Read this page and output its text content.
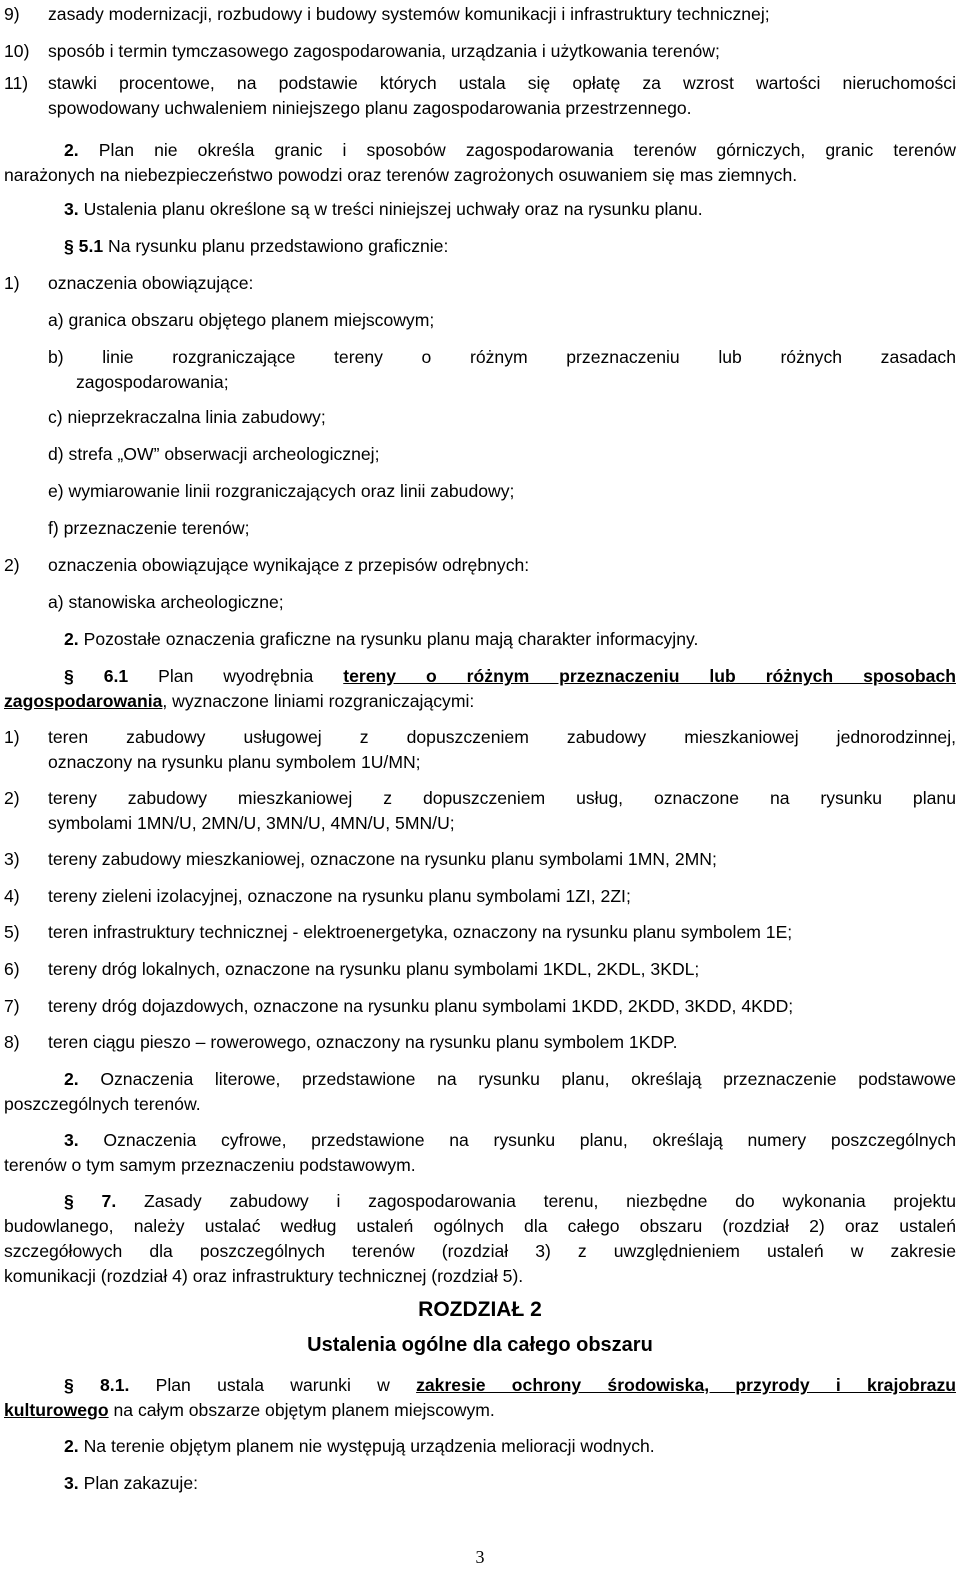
9)	zasady modernizacji, rozbudowy i budowy systemów komunikacji i infrastruktury technicznej;
10)	sposób i termin tymczasowego zagospodarowania, urządzania i użytkowania terenów;
11)	stawki procentowe, na podstawie których ustala się opłatę za wzrost wartości nieruchomości
spowodowany uchwaleniem niniejszego planu zagospodarowania przestrzennego.
2. Plan nie określa granic i sposobów zagospodarowania terenów górniczych, granic terenów
narażonych na niebezpieczeństwo powodzi oraz terenów zagrożonych osuwaniem się mas ziemnych.
3. Ustalenia planu określone są w treści niniejszej uchwały oraz na rysunku planu.
§ 5.1 Na rysunku planu przedstawiono graficznie:
1)	oznaczenia obowiązujące:
a) granica obszaru objętego planem miejscowym;
b) linie rozgraniczające tereny o różnym przeznaczeniu lub różnych zasadach
zagospodarowania;
c) nieprzekraczalna linia zabudowy;
d) strefa „OW” obserwacji archeologicznej;
e) wymiarowanie linii rozgraniczających oraz linii zabudowy;
f) przeznaczenie terenów;
2)	oznaczenia obowiązujące wynikające z przepisów odrębnych:
a) stanowiska archeologiczne;
2. Pozostałe oznaczenia graficzne na rysunku planu mają charakter informacyjny.
§ 6.1 Plan wyodrębnia tereny o różnym przeznaczeniu lub różnych sposobach
zagospodarowania, wyznaczone liniami rozgraniczającymi:
1)	teren zabudowy usługowej z dopuszczeniem zabudowy mieszkaniowej jednorodzinnej,
oznaczony na rysunku planu symbolem 1U/MN;
2)	tereny zabudowy mieszkaniowej z dopuszczeniem usług, oznaczone na rysunku planu
symbolami 1MN/U, 2MN/U, 3MN/U, 4MN/U, 5MN/U;
3)	tereny zabudowy mieszkaniowej, oznaczone na rysunku planu symbolami 1MN, 2MN;
4)	tereny zieleni izolacyjnej, oznaczone na rysunku planu symbolami 1ZI, 2ZI;
5)	teren infrastruktury technicznej - elektroenergetyka, oznaczony na rysunku planu symbolem 1E;
6)	tereny dróg lokalnych, oznaczone na rysunku planu symbolami 1KDL, 2KDL, 3KDL;
7)	tereny dróg dojazdowych, oznaczone na rysunku planu symbolami 1KDD, 2KDD, 3KDD, 4KDD;
8)	teren ciągu pieszo – rowerowego, oznaczony na rysunku planu symbolem 1KDP.
2. Oznaczenia literowe, przedstawione na rysunku planu, określają przeznaczenie podstawowe
poszczególnych terenów.
3. Oznaczenia cyfrowe, przedstawione na rysunku planu, określają numery poszczególnych
terenów o tym samym przeznaczeniu podstawowym.
§ 7. Zasady zabudowy i zagospodarowania terenu, niezbędne do wykonania projektu
budowlanego, należy ustalać według ustaleń ogólnych dla całego obszaru (rozdział 2) oraz ustaleń
szczegółowych dla poszczególnych terenów (rozdział 3) z uwzględnieniem ustaleń w zakresie
komunikacji (rozdział 4) oraz infrastruktury technicznej (rozdział 5).
ROZDZIAŁ 2
Ustalenia ogólne dla całego obszaru
§ 8.1. Plan ustala warunki w zakresie ochrony środowiska, przyrody i krajobrazu
kulturowego na całym obszarze objętym planem miejscowym.
2. Na terenie objętym planem nie występują urządzenia melioracji wodnych.
3. Plan zakazuje:
3
